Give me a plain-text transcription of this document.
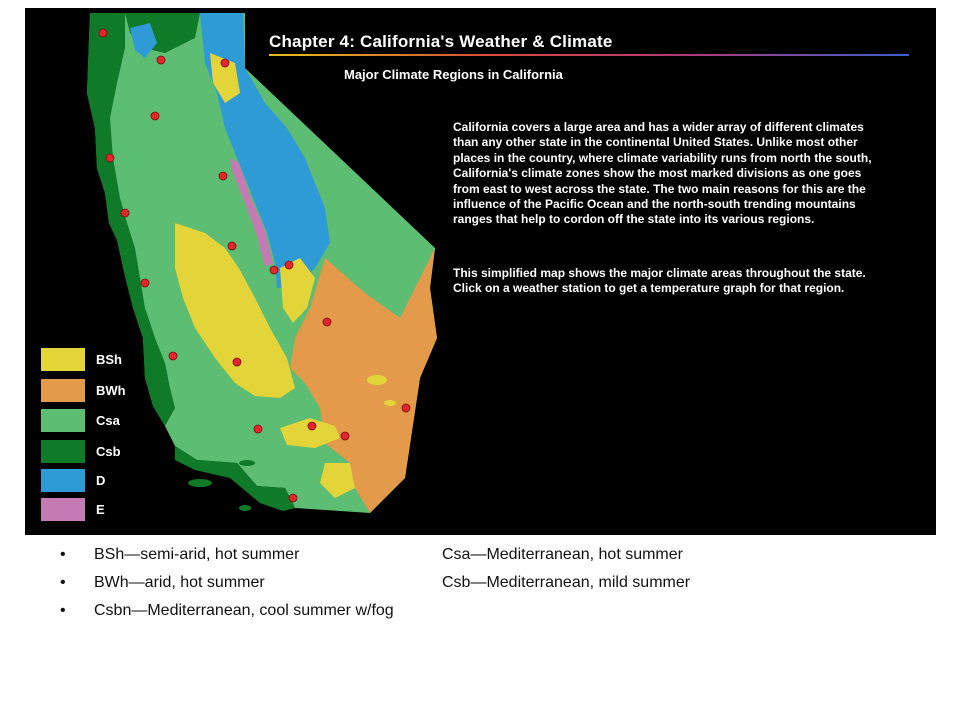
Chapter 4: California's Weather & Climate
Major Climate Regions in California

California covers a large area and has a wider array of different climates than any other state in the continental United States. Unlike most other places in the country, where climate variability runs from north the south, California's climate zones show the most marked divisions as one goes from east to west across the state. The two main reasons for this are the influence of the Pacific Ocean and the north-south trending mountains ranges that help to cordon off the state into its various regions.

This simplified map shows the major climate areas throughout the state. Click on a weather station to get a temperature graph for that region.

BSh
BWh
Csa
Csb
D
E
• BSh—semi-arid, hot summer	Csa—Mediterranean, hot summer
• BWh—arid, hot summer	Csb—Mediterranean, mild summer
• Csbn—Mediterranean, cool summer w/fog
